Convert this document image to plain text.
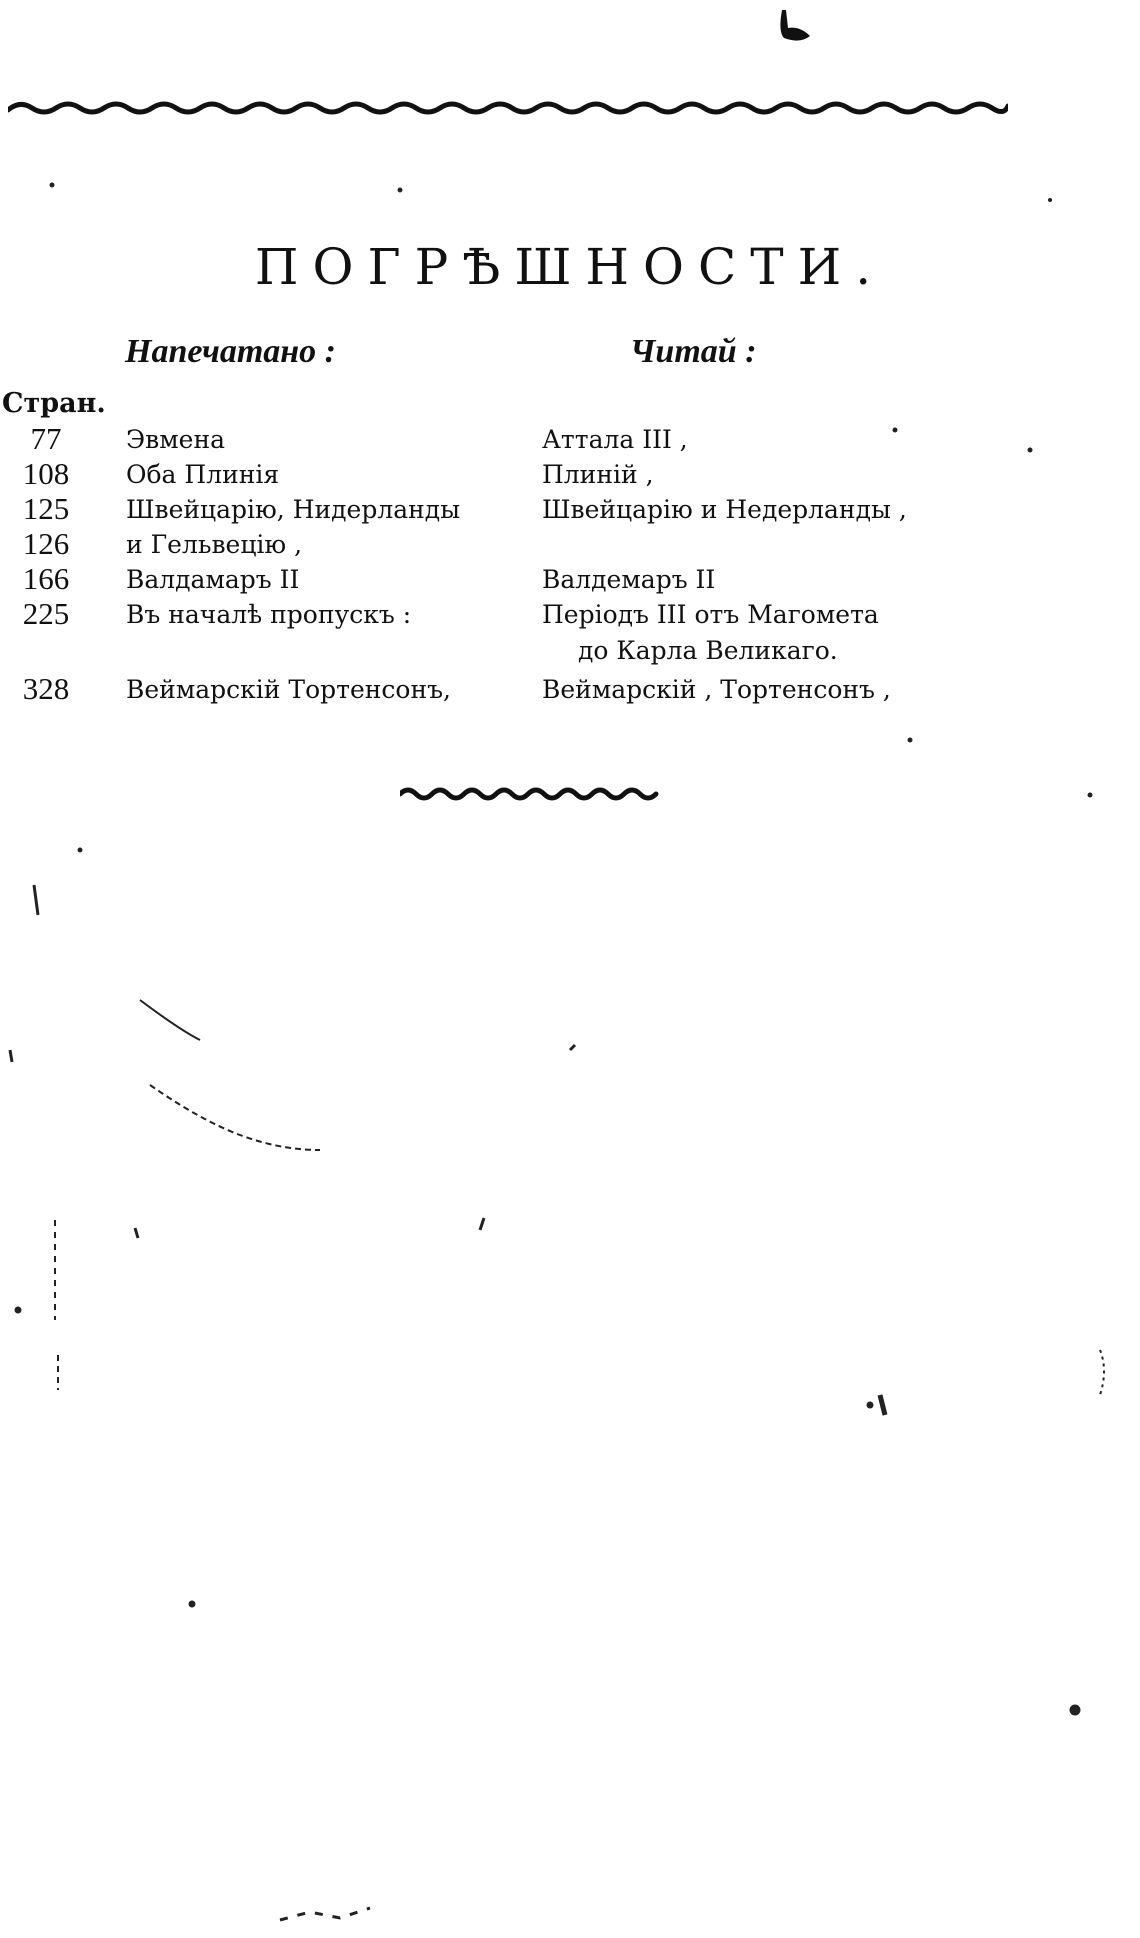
ПОГРѢШНОСТИ.
Напечатано :	Читай :
Стран.
77	Эвмена	Аттала III ,
108	Оба Плинія	Плиній ,
125	Швейцарію, Нидерланды	Швейцарію и Недерланды ,
126	и Гельвецію ,
166	Валдамаръ II	Валдемаръ II
225	Въ началѣ пропускъ :	Періодъ III отъ Магомета
до Карла Великаго.
328	Веймарскій Тортенсонъ,	Веймарскій , Тортенсонъ ,
